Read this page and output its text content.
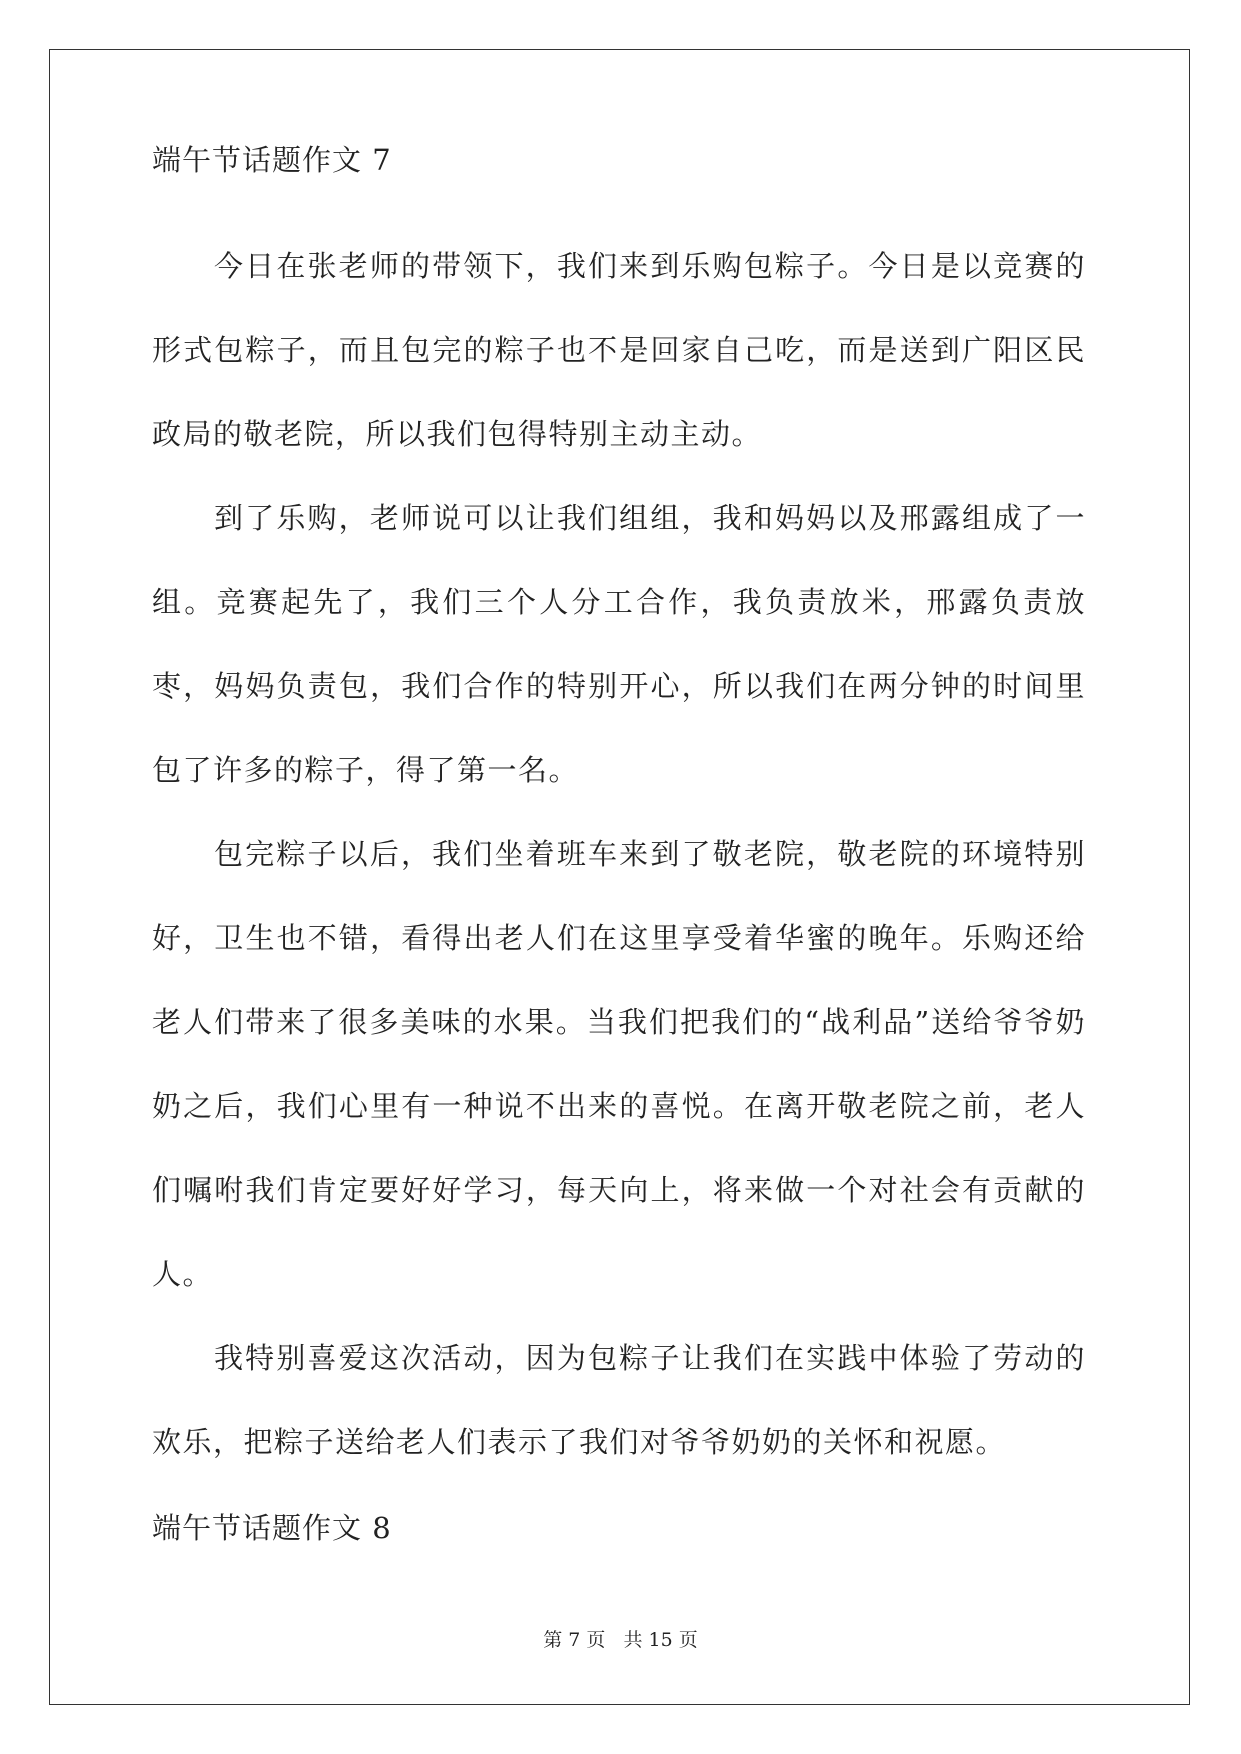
端午节话题作文 7

今日在张老师的带领下，我们来到乐购包粽子。今日是以竞赛的形式包粽子，而且包完的粽子也不是回家自己吃，而是送到广阳区民政局的敬老院，所以我们包得特别主动主动。

到了乐购，老师说可以让我们组组，我和妈妈以及邢露组成了一组。竞赛起先了，我们三个人分工合作，我负责放米，邢露负责放枣，妈妈负责包，我们合作的特别开心，所以我们在两分钟的时间里包了许多的粽子，得了第一名。

包完粽子以后，我们坐着班车来到了敬老院，敬老院的环境特别好，卫生也不错，看得出老人们在这里享受着华蜜的晚年。乐购还给老人们带来了很多美味的水果。当我们把我们的“战利品”送给爷爷奶奶之后，我们心里有一种说不出来的喜悦。在离开敬老院之前，老人们嘱咐我们肯定要好好学习，每天向上，将来做一个对社会有贡献的人。

我特别喜爱这次活动，因为包粽子让我们在实践中体验了劳动的欢乐，把粽子送给老人们表示了我们对爷爷奶奶的关怀和祝愿。

端午节话题作文 8
第 7 页 共 15 页
